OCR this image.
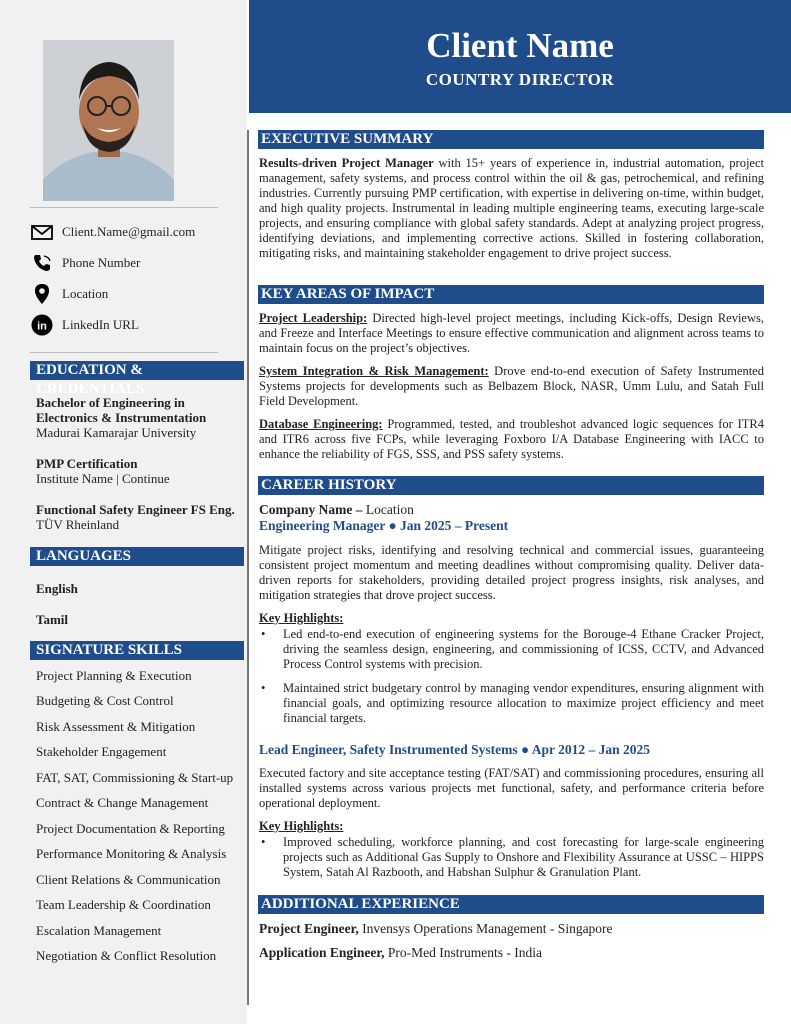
Client Name
COUNTRY DIRECTOR
Client.Name@gmail.com
Phone Number
Location
in LinkedIn URL
EDUCATION & CREDENTIALS
Bachelor of Engineering in Electronics & Instrumentation
Madurai Kamarajar University
PMP Certification
Institute Name | Continue
Functional Safety Engineer FS Eng.
TÜV Rheinland
LANGUAGES
English
Tamil
SIGNATURE SKILLS
Project Planning & Execution
Budgeting & Cost Control
Risk Assessment & Mitigation
Stakeholder Engagement
FAT, SAT, Commissioning & Start-up
Contract & Change Management
Project Documentation & Reporting
Performance Monitoring & Analysis
Client Relations & Communication
Team Leadership & Coordination
Escalation Management
Negotiation & Conflict Resolution
EXECUTIVE SUMMARY
Results-driven Project Manager with 15+ years of experience in, industrial automation, project management, safety systems, and process control within the oil & gas, petrochemical, and refining industries. Currently pursuing PMP certification, with expertise in delivering on-time, within budget, and high quality projects. Instrumental in leading multiple engineering teams, executing large-scale projects, and ensuring compliance with global safety standards. Adept at analyzing project progress, identifying deviations, and implementing corrective actions. Skilled in fostering collaboration, mitigating risks, and maintaining stakeholder engagement to drive project success.
KEY AREAS OF IMPACT
Project Leadership: Directed high-level project meetings, including Kick-offs, Design Reviews, and Freeze and Interface Meetings to ensure effective communication and alignment across teams to maintain focus on the project’s objectives.
System Integration & Risk Management: Drove end-to-end execution of Safety Instrumented Systems projects for developments such as Belbazem Block, NASR, Umm Lulu, and Satah Full Field Development.
Database Engineering: Programmed, tested, and troubleshot advanced logic sequences for ITR4 and ITR6 across five FCPs, while leveraging Foxboro I/A Database Engineering with IACC to enhance the reliability of FGS, SSS, and PSS safety systems.
CAREER HISTORY
Company Name – Location
Engineering Manager ● Jan 2025 – Present
Mitigate project risks, identifying and resolving technical and commercial issues, guaranteeing consistent project momentum and meeting deadlines without compromising quality. Deliver data-driven reports for stakeholders, providing detailed project progress insights, risk analyses, and mitigation strategies that drove project success.
Key Highlights:
• Led end-to-end execution of engineering systems for the Borouge-4 Ethane Cracker Project, driving the seamless design, engineering, and commissioning of ICSS, CCTV, and Advanced Process Control systems with precision.
• Maintained strict budgetary control by managing vendor expenditures, ensuring alignment with financial goals, and optimizing resource allocation to maximize project efficiency and meet financial targets.
Lead Engineer, Safety Instrumented Systems ● Apr 2012 – Jan 2025
Executed factory and site acceptance testing (FAT/SAT) and commissioning procedures, ensuring all installed systems across various projects met functional, safety, and performance criteria before operational deployment.
Key Highlights:
• Improved scheduling, workforce planning, and cost forecasting for large-scale engineering projects such as Additional Gas Supply to Onshore and Flexibility Assurance at USSC – HIPPS System, Satah Al Razbooth, and Habshan Sulphur & Granulation Plant.
ADDITIONAL EXPERIENCE
Project Engineer, Invensys Operations Management - Singapore
Application Engineer, Pro-Med Instruments - India
